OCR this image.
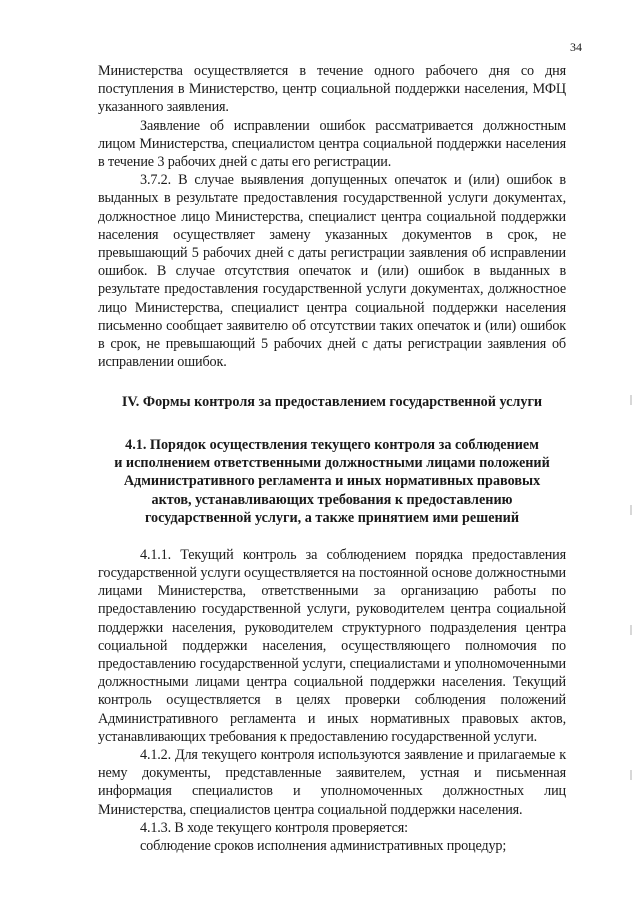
34

Министерства осуществляется в течение одного рабочего дня со дня поступления в Министерство, центр социальной поддержки населения, МФЦ указанного заявления.

Заявление об исправлении ошибок рассматривается должностным лицом Министерства, специалистом центра социальной поддержки населения в течение 3 рабочих дней с даты его регистрации.

3.7.2. В случае выявления допущенных опечаток и (или) ошибок в выданных в результате предоставления государственной услуги документах, должностное лицо Министерства, специалист центра социальной поддержки населения осуществляет замену указанных документов в срок, не превышающий 5 рабочих дней с даты регистрации заявления об исправлении ошибок. В случае отсутствия опечаток и (или) ошибок в выданных в результате предоставления государственной услуги документах, должностное лицо Министерства, специалист центра социальной поддержки населения письменно сообщает заявителю об отсутствии таких опечаток и (или) ошибок в срок, не превышающий 5 рабочих дней с даты регистрации заявления об исправлении ошибок.

IV. Формы контроля за предоставлением государственной услуги

4.1. Порядок осуществления текущего контроля за соблюдением
и исполнением ответственными должностными лицами положений
Административного регламента и иных нормативных правовых
актов, устанавливающих требования к предоставлению
государственной услуги, а также принятием ими решений

4.1.1. Текущий контроль за соблюдением порядка предоставления государственной услуги осуществляется на постоянной основе должностными лицами Министерства, ответственными за организацию работы по предоставлению государственной услуги, руководителем центра социальной поддержки населения, руководителем структурного подразделения центра социальной поддержки населения, осуществляющего полномочия по предоставлению государственной услуги, специалистами и уполномоченными должностными лицами центра социальной поддержки населения. Текущий контроль осуществляется в целях проверки соблюдения положений Административного регламента и иных нормативных правовых актов, устанавливающих требования к предоставлению государственной услуги.

4.1.2. Для текущего контроля используются заявление и прилагаемые к нему документы, представленные заявителем, устная и письменная информация специалистов и уполномоченных должностных лиц Министерства, специалистов центра социальной поддержки населения.

4.1.3. В ходе текущего контроля проверяется:

соблюдение сроков исполнения административных процедур;
